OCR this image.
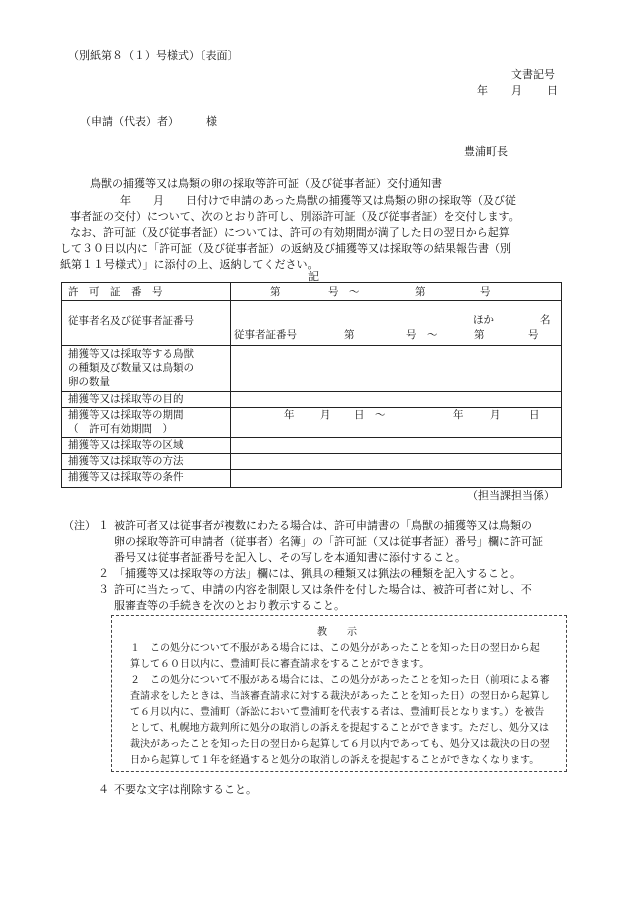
（別紙第８（１）号様式）〔表面〕
文書記号
年 月 日
（申請（代表）者） 様
豊浦町長
鳥獣の捕獲等又は鳥類の卵の採取等許可証（及び従事者証）交付通知書
年　　月　　日付けで申請のあった鳥獣の捕獲等又は鳥類の卵の採取等（及び従
事者証の交付）について、次のとおり許可し、別添許可証（及び従事者証）を交付します。
なお、許可証（及び従事者証）については、許可の有効期間が満了した日の翌日から起算
して３０日以内に「許可証（及び従事者証）の返納及び捕獲等又は採取等の結果報告書（別
紙第１１号様式）」に添付の上、返納してください。
記
許　可　証　番　号	第	号　～	第	号
従事者名及び従事者証番号	ほか	名
従事者証番号	第	号　～	第	号
捕獲等又は採取等する鳥獣
の種類及び数量又は鳥類の
卵の数量
捕獲等又は採取等の目的
捕獲等又は採取等の期間
（　許可有効期間　）
年 月 日　～	年	月	日
捕獲等又は採取等の区域
捕獲等又は採取等の方法
捕獲等又は採取等の条件
（担当課担当係）
（注） １ 被許可者又は従事者が複数にわたる場合は、許可申請書の「鳥獣の捕獲等又は鳥類の
卵の採取等許可申請者（従事者）名簿」の「許可証（又は従事者証）番号」欄に許可証
番号又は従事者証番号を記入し、その写しを本通知書に添付すること。
２ 「捕獲等又は採取等の方法」欄には、猟具の種類又は猟法の種類を記入すること。
３ 許可に当たって、申請の内容を制限し又は条件を付した場合は、被許可者に対し、不
服審査等の手続きを次のとおり教示すること。
教　　示
１　この処分について不服がある場合には、この処分があったことを知った日の翌日から起
算して６０日以内に、豊浦町長に審査請求をすることができます。
２　この処分について不服がある場合には、この処分があったことを知った日（前項による審
査請求をしたときは、当該審査請求に対する裁決があったことを知った日）の翌日から起算し
て６月以内に、豊浦町（訴訟において豊浦町を代表する者は、豊浦町長となります。）を被告
として、札幌地方裁判所に処分の取消しの訴えを提起することができます。ただし、処分又は
裁決があったことを知った日の翌日から起算して６月以内であっても、処分又は裁決の日の翌
日から起算して１年を経過すると処分の取消しの訴えを提起することができなくなります。
４ 不要な文字は削除すること。
